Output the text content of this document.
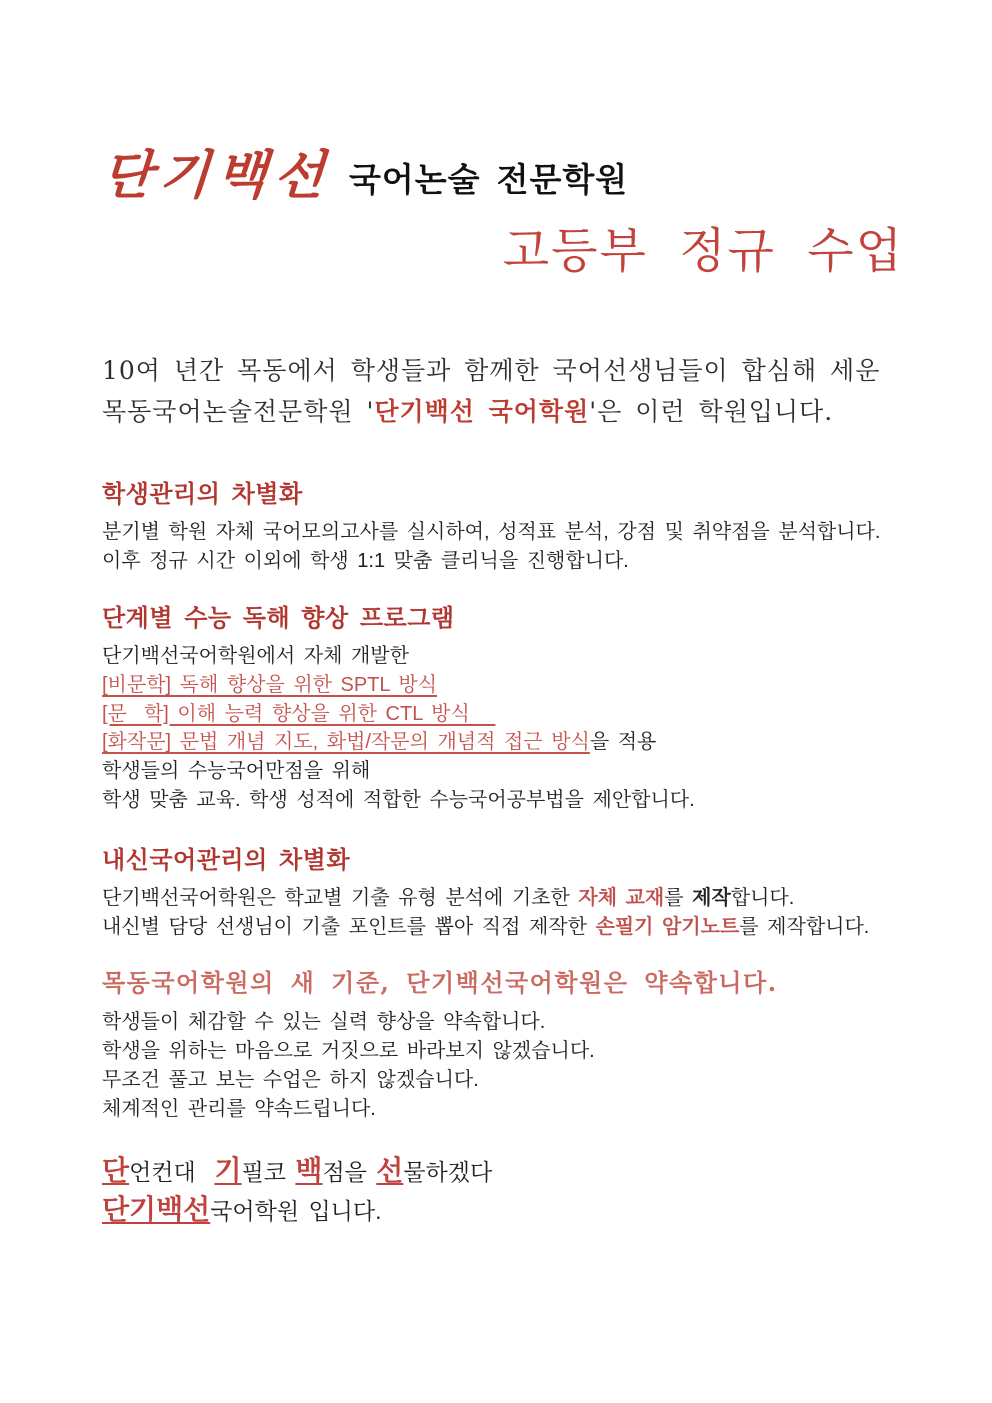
단기백선 국어논술 전문학원
고등부 정규 수업
10여 년간 목동에서 학생들과 함께한 국어선생님들이 합심해 세운
목동국어논술전문학원 '단기백선 국어학원'은 이런 학원입니다.
학생관리의 차별화
분기별 학원 자체 국어모의고사를 실시하여, 성적표 분석, 강점 및 취약점을 분석합니다.
이후 정규 시간 이외에 학생 1:1 맞춤 클리닉을 진행합니다.
단계별 수능 독해 향상 프로그램
단기백선국어학원에서 자체 개발한
[비문학] 독해 향상을 위한 SPTL 방식
[문  학] 이해 능력 향상을 위한 CTL 방식
[화작문] 문법 개념 지도, 화법/작문의 개념적 접근 방식을 적용
학생들의 수능국어만점을 위해
학생 맞춤 교육. 학생 성적에 적합한 수능국어공부법을 제안합니다.
내신국어관리의 차별화
단기백선국어학원은 학교별 기출 유형 분석에 기초한 자체 교재를 제작합니다.
내신별 담당 선생님이 기출 포인트를 뽑아 직접 제작한 손필기 암기노트를 제작합니다.
목동국어학원의 새 기준, 단기백선국어학원은 약속합니다.
학생들이 체감할 수 있는 실력 향상을 약속합니다.
학생을 위하는 마음으로 거짓으로 바라보지 않겠습니다.
무조건 풀고 보는 수업은 하지 않겠습니다.
체계적인 관리를 약속드립니다.
단언컨대  기필코 백점을 선물하겠다
단기백선국어학원 입니다.
